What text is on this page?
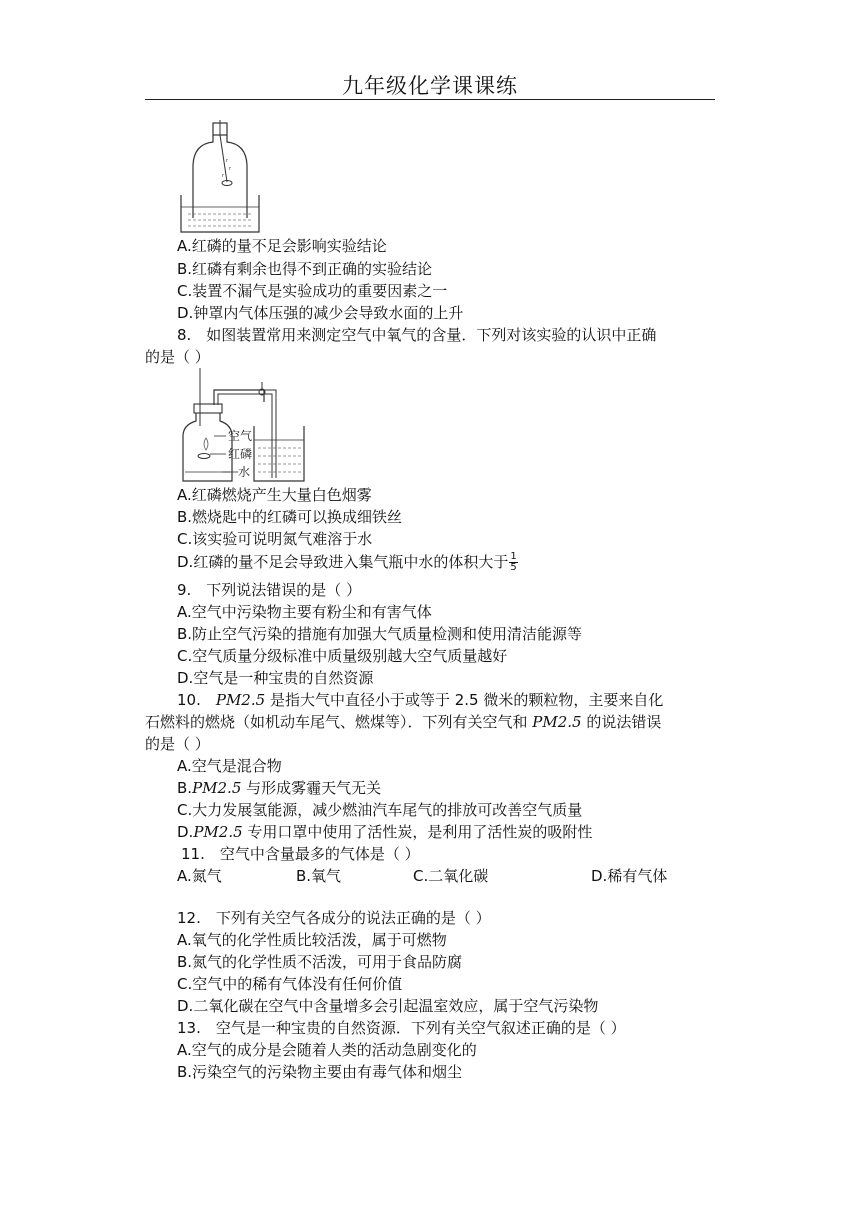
九年级化学课课练
r
r
r
A.红磷的量不足会影响实验结论
B.红磷有剩余也得不到正确的实验结论
C.装置不漏气是实验成功的重要因素之一
D.钟罩内气体压强的减少会导致水面的上升
8.　如图装置常用来测定空气中氧气的含量．下列对该实验的认识中正确
的是（ ）
空气
红磷
水
A.红磷燃烧产生大量白色烟雾
B.燃烧匙中的红磷可以换成细铁丝
C.该实验可说明氮气难溶于水
D.红磷的量不足会导致进入集气瓶中水的体积大于 $\frac{1}{5}$
9.　下列说法错误的是（ ）
A.空气中污染物主要有粉尘和有害气体
B.防止空气污染的措施有加强大气质量检测和使用清洁能源等
C.空气质量分级标准中质量级别越大空气质量越好
D.空气是一种宝贵的自然资源
10.　PM2.5 是指大气中直径小于或等于 2.5 微米的颗粒物，主要来自化
石燃料的燃烧（如机动车尾气、燃煤等）．下列有关空气和 PM2.5 的说法错误
的是（ ）
A.空气是混合物
B.PM2.5 与形成雾霾天气无关
C.大力发展氢能源，减少燃油汽车尾气的排放可改善空气质量
D.PM2.5 专用口罩中使用了活性炭，是利用了活性炭的吸附性
11.　空气中含量最多的气体是（ ）
A.氮气	B.氧气	C.二氧化碳	D.稀有气体
12.　下列有关空气各成分的说法正确的是（ ）
A.氧气的化学性质比较活泼，属于可燃物
B.氮气的化学性质不活泼，可用于食品防腐
C.空气中的稀有气体没有任何价值
D.二氧化碳在空气中含量增多会引起温室效应，属于空气污染物
13.　空气是一种宝贵的自然资源．下列有关空气叙述正确的是（ ）
A.空气的成分是会随着人类的活动急剧变化的
B.污染空气的污染物主要由有毒气体和烟尘
